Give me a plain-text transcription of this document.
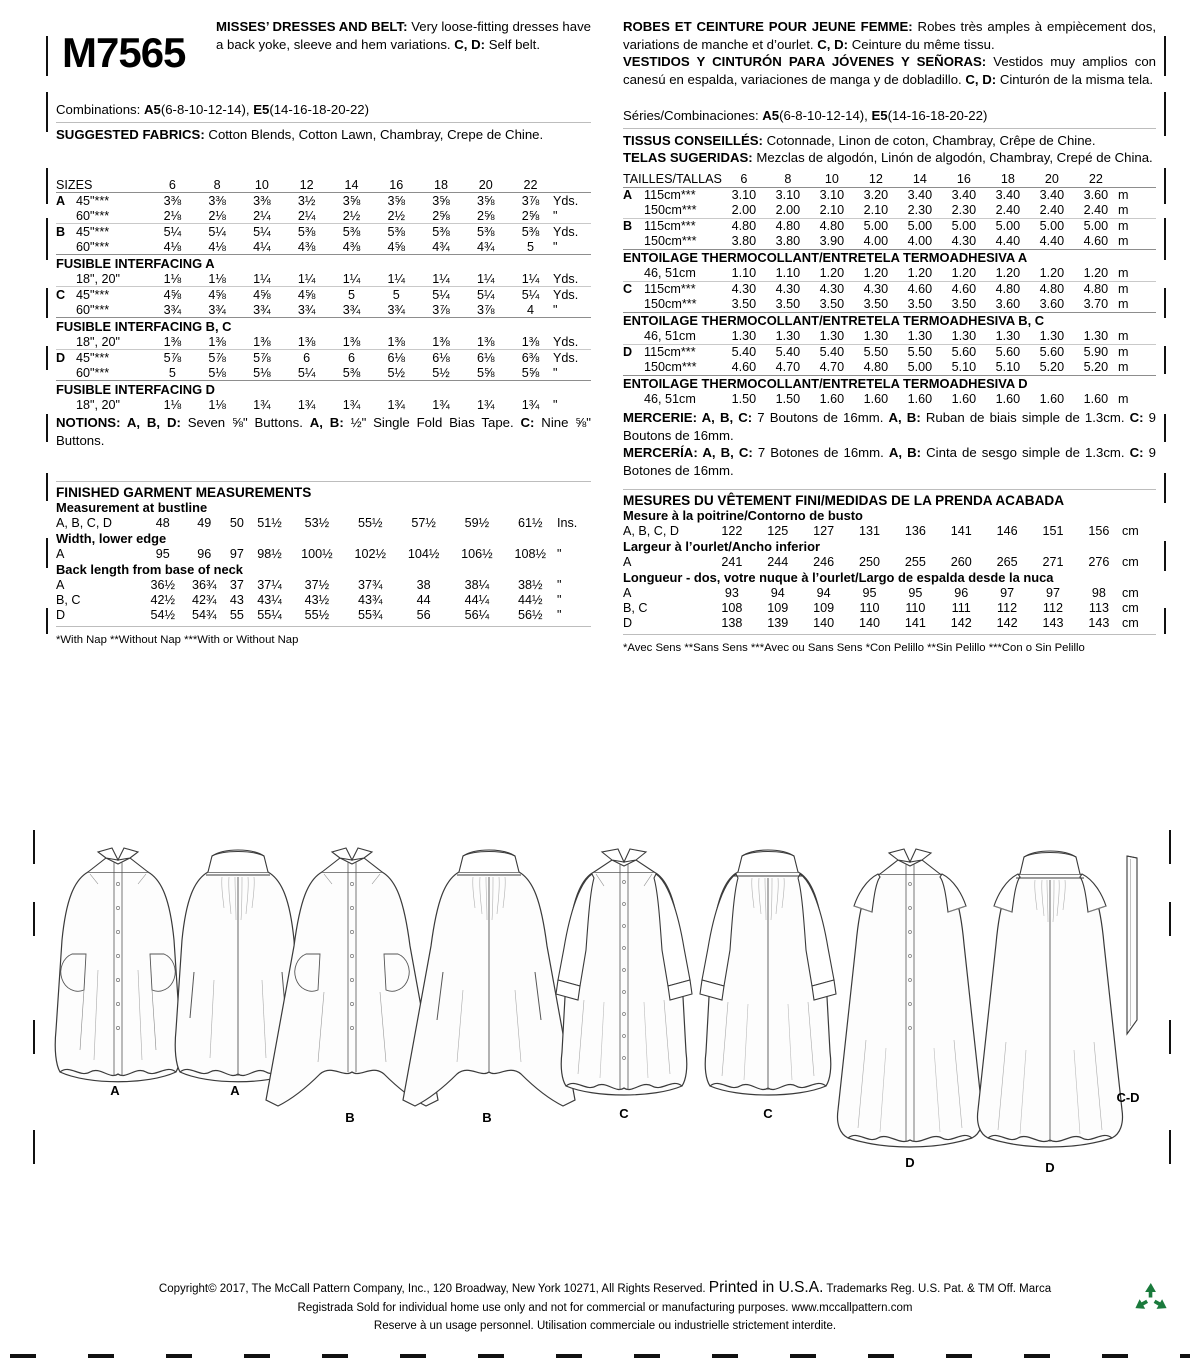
M7565
MISSES’ DRESSES AND BELT: Very loose-fitting dresses have a back yoke, sleeve and hem variations. C, D: Self belt.
Combinations: A5(6-8-10-12-14), E5(14-16-18-20-22)
SUGGESTED FABRICS: Cotton Blends, Cotton Lawn, Chambray, Crepe de Chine.
SIZES		6	8	10	12	14	16	18	20	22	
A	45"***	3⅜	3⅜	3⅜	3½	3⅝	3⅝	3⅝	3⅝	3⅞	Yds.
	60"***	2⅛	2⅛	2¼	2¼	2½	2½	2⅝	2⅝	2⅝	"
B	45"***	5¼	5¼	5¼	5⅜	5⅜	5⅜	5⅜	5⅜	5⅜	Yds.
	60"***	4⅛	4⅛	4¼	4⅜	4⅜	4⅝	4¾	4¾	5	"
FUSIBLE INTERFACING A											
	18", 20"	1⅛	1⅛	1¼	1¼	1¼	1¼	1¼	1¼	1¼	Yds.
C	45"***	4⅝	4⅝	4⅝	4⅝	5	5	5¼	5¼	5¼	Yds.
	60"***	3¾	3¾	3¾	3¾	3¾	3¾	3⅞	3⅞	4	"
FUSIBLE INTERFACING B, C											
	18", 20"	1⅜	1⅜	1⅜	1⅜	1⅜	1⅜	1⅜	1⅜	1⅜	Yds.
D	45"***	5⅞	5⅞	5⅞	6	6	6⅛	6⅛	6⅛	6⅜	Yds.
	60"***	5	5⅛	5⅛	5¼	5⅜	5½	5½	5⅝	5⅝	"
FUSIBLE INTERFACING D											
	18", 20"	1⅛	1⅛	1¾	1¾	1¾	1¾	1¾	1¾	1¾	"
NOTIONS: A, B, D: Seven ⅝" Buttons. A, B: ½" Single Fold Bias Tape. C: Nine ⅝" Buttons.
FINISHED GARMENT MEASUREMENTS
Measurement at bustline										
A, B, C, D	48	49	50	51½	53½	55½	57½	59½	61½	Ins.
Width, lower edge										
A	95	96	97	98½	100½	102½	104½	106½	108½	"
Back length from base of neck										
A	36½	36¾	37	37¼	37½	37¾	38	38¼	38½	"
B, C	42½	42¾	43	43¼	43½	43¾	44	44¼	44½	"
D	54½	54¾	55	55¼	55½	55¾	56	56¼	56½	"
*With Nap **Without Nap ***With or Without Nap
ROBES ET CEINTURE POUR JEUNE FEMME: Robes très amples à empiècement dos, variations de manche et d’ourlet. C, D: Ceinture du même tissu.
VESTIDOS Y CINTURÓN PARA JÓVENES Y SEÑORAS: Vestidos muy amplios con canesú en espalda, variaciones de manga y de dobladillo. C, D: Cinturón de la misma tela.
Séries/Combinaciones: A5(6-8-10-12-14), E5(14-16-18-20-22)
TISSUS CONSEILLÉS: Cotonnade, Linon de coton, Chambray, Crêpe de Chine.
TELAS SUGERIDAS: Mezclas de algodón, Linón de algodón, Chambray, Crepé de China.
TAILLES/TALLAS		6	8	10	12	14	16	18	20	22	
A	115cm***	3.10	3.10	3.10	3.20	3.40	3.40	3.40	3.40	3.60	m
	150cm***	2.00	2.00	2.10	2.10	2.30	2.30	2.40	2.40	2.40	m
B	115cm***	4.80	4.80	4.80	5.00	5.00	5.00	5.00	5.00	5.00	m
	150cm***	3.80	3.80	3.90	4.00	4.00	4.30	4.40	4.40	4.60	m
ENTOILAGE THERMOCOLLANT/ENTRETELA TERMOADHESIVA A											
	46, 51cm	1.10	1.10	1.20	1.20	1.20	1.20	1.20	1.20	1.20	m
C	115cm***	4.30	4.30	4.30	4.30	4.60	4.60	4.80	4.80	4.80	m
	150cm***	3.50	3.50	3.50	3.50	3.50	3.50	3.60	3.60	3.70	m
ENTOILAGE THERMOCOLLANT/ENTRETELA TERMOADHESIVA B, C											
	46, 51cm	1.30	1.30	1.30	1.30	1.30	1.30	1.30	1.30	1.30	m
D	115cm***	5.40	5.40	5.40	5.50	5.50	5.60	5.60	5.60	5.90	m
	150cm***	4.60	4.70	4.70	4.80	5.00	5.10	5.10	5.20	5.20	m
ENTOILAGE THERMOCOLLANT/ENTRETELA TERMOADHESIVA D											
	46, 51cm	1.50	1.50	1.60	1.60	1.60	1.60	1.60	1.60	1.60	m
MERCERIE: A, B, C: 7 Boutons de 16mm. A, B: Ruban de biais simple de 1.3cm. C: 9 Boutons de 16mm.
MERCERÍA: A, B, C: 7 Botones de 16mm. A, B: Cinta de sesgo simple de 1.3cm. C: 9 Botones de 16mm.
MESURES DU VÊTEMENT FINI/MEDIDAS DE LA PRENDA ACABADA
Mesure à la poitrine/Contorno de busto										
A, B, C, D	122	125	127	131	136	141	146	151	156	cm
Largeur à l’ourlet/Ancho inferior										
A	241	244	246	250	255	260	265	271	276	cm
Longueur - dos, votre nuque à l’ourlet/Largo de espalda desde la nuca										
A	93	94	94	95	95	96	97	97	98	cm
B, C	108	109	109	110	110	111	112	112	113	cm
D	138	139	140	140	141	142	142	143	143	cm
*Avec Sens **Sans Sens ***Avec ou Sans Sens *Con Pelillo **Sin Pelillo ***Con o Sin Pelillo
A	A
B	B	C	C
D	D
C-D
Copyright© 2017, The McCall Pattern Company, Inc., 120 Broadway, New York 10271, All Rights Reserved. Printed in U.S.A. Trademarks Reg. U.S. Pat. & TM Off. Marca
Registrada Sold for individual home use only and not for commercial or manufacturing purposes. www.mccallpattern.com
Reserve à un usage personnel. Utilisation commerciale ou industrielle strictement interdite.
